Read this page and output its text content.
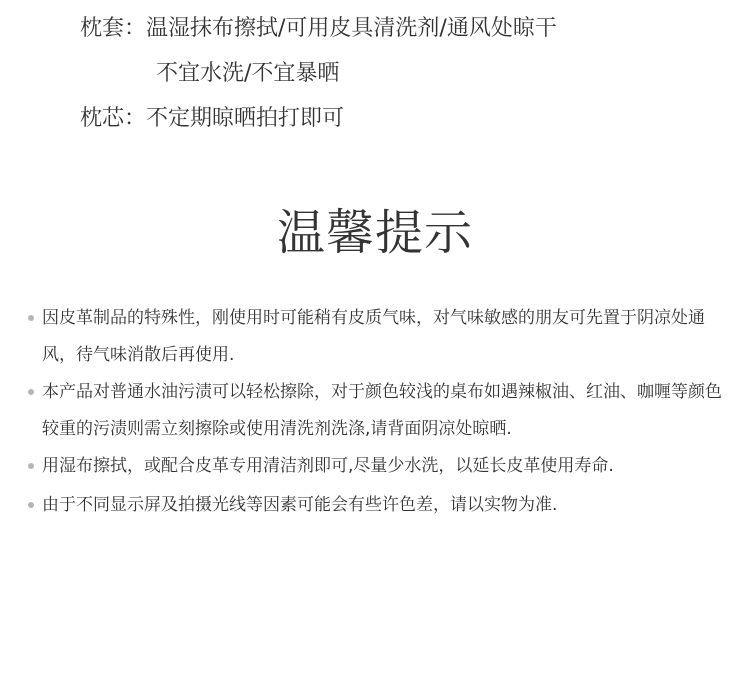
枕套：温湿抹布擦拭/可用皮具清洗剂/通风处晾干
不宜水洗/不宜暴晒
枕芯：不定期晾晒拍打即可
温馨提示
因皮革制品的特殊性，刚使用时可能稍有皮质气味，对气味敏感的朋友可先置于阴凉处通风，待气味消散后再使用.
本产品对普通水油污渍可以轻松擦除，对于颜色较浅的桌布如遇辣椒油、红油、咖喱等颜色较重的污渍则需立刻擦除或使用清洗剂洗涤,请背面阴凉处晾晒.
用湿布擦拭，或配合皮革专用清洁剂即可,尽量少水洗，以延长皮革使用寿命.
由于不同显示屏及拍摄光线等因素可能会有些许色差，请以实物为准.
